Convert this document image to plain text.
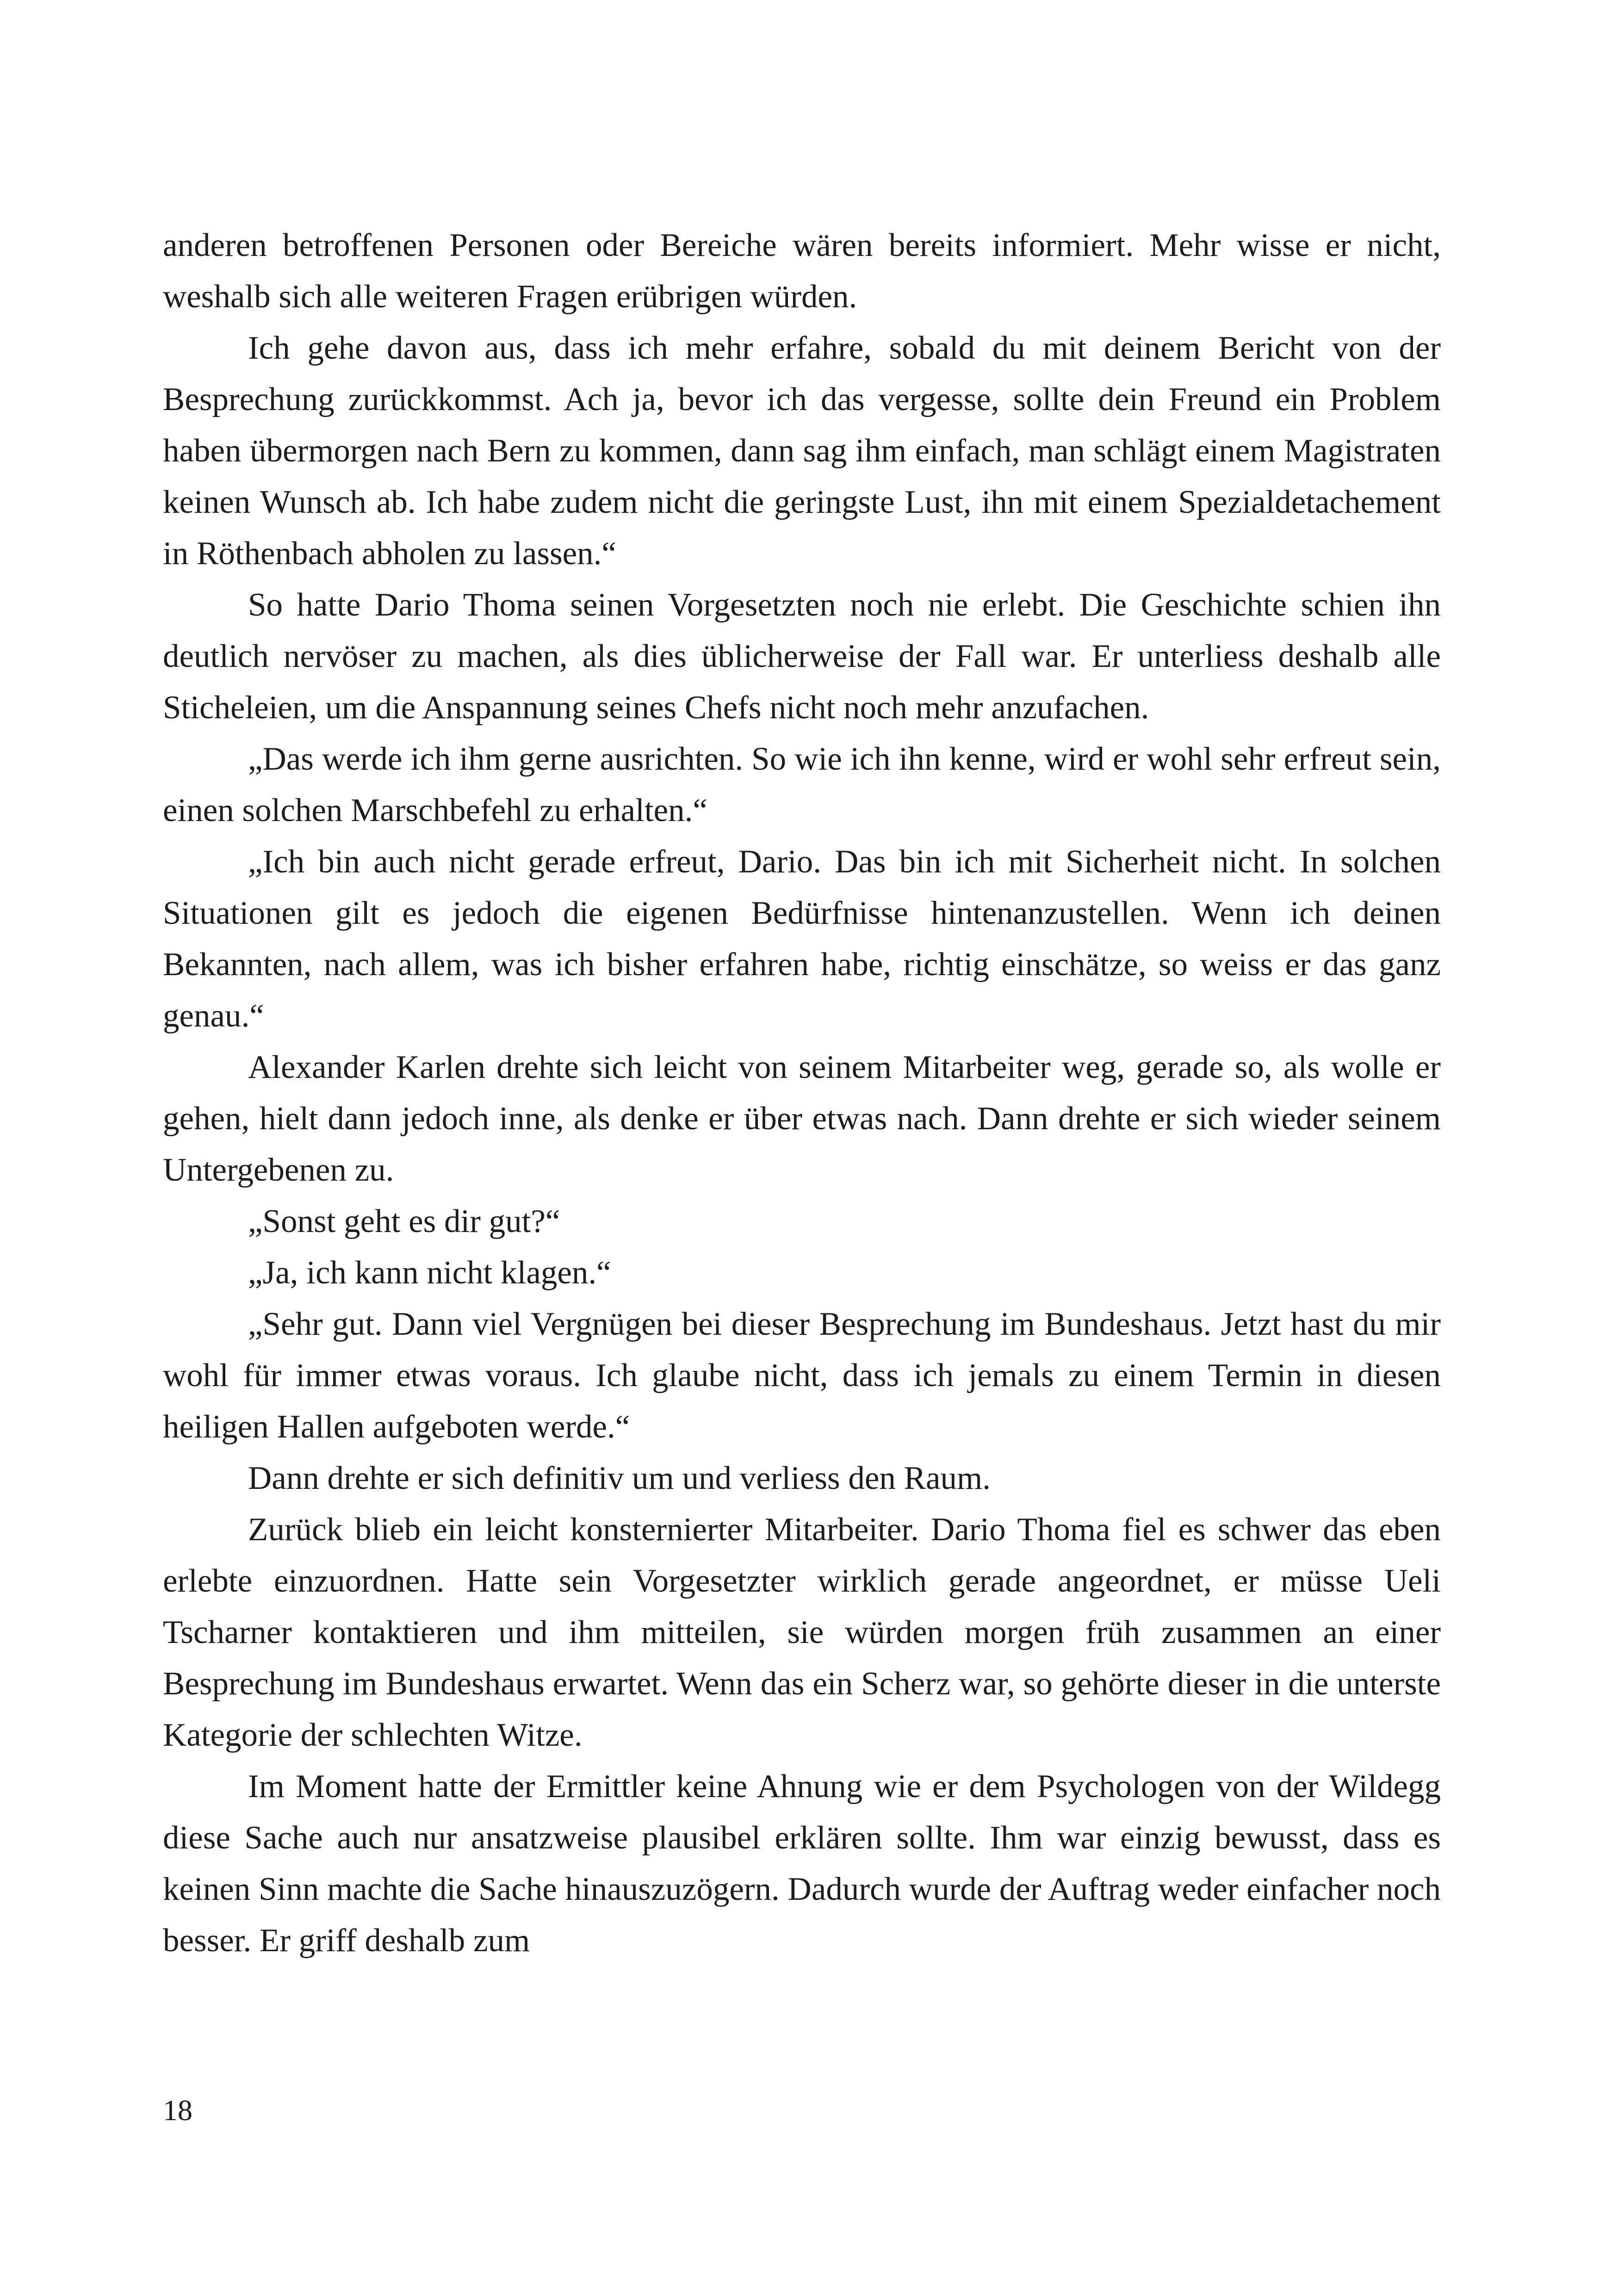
anderen betroffenen Personen oder Bereiche wären bereits informiert. Mehr wisse er nicht, weshalb sich alle weiteren Fragen erübrigen würden.

Ich gehe davon aus, dass ich mehr erfahre, sobald du mit deinem Bericht von der Besprechung zurückkommst. Ach ja, bevor ich das vergesse, sollte dein Freund ein Problem haben übermorgen nach Bern zu kommen, dann sag ihm einfach, man schlägt einem Magistraten keinen Wunsch ab. Ich habe zudem nicht die geringste Lust, ihn mit einem Spezialdetachement in Röthenbach abholen zu lassen.“

So hatte Dario Thoma seinen Vorgesetzten noch nie erlebt. Die Geschichte schien ihn deutlich nervöser zu machen, als dies üblicherweise der Fall war. Er unterliess deshalb alle Sticheleien, um die Anspannung seines Chefs nicht noch mehr anzufachen.

„Das werde ich ihm gerne ausrichten. So wie ich ihn kenne, wird er wohl sehr erfreut sein, einen solchen Marschbefehl zu erhalten.“

„Ich bin auch nicht gerade erfreut, Dario. Das bin ich mit Sicherheit nicht. In solchen Situationen gilt es jedoch die eigenen Bedürfnisse hintenanzustellen. Wenn ich deinen Bekannten, nach allem, was ich bisher erfahren habe, richtig einschätze, so weiss er das ganz genau.“

Alexander Karlen drehte sich leicht von seinem Mitarbeiter weg, gerade so, als wolle er gehen, hielt dann jedoch inne, als denke er über etwas nach. Dann drehte er sich wieder seinem Untergebenen zu.

„Sonst geht es dir gut?“

„Ja, ich kann nicht klagen.“

„Sehr gut. Dann viel Vergnügen bei dieser Besprechung im Bundeshaus. Jetzt hast du mir wohl für immer etwas voraus. Ich glaube nicht, dass ich jemals zu einem Termin in diesen heiligen Hallen aufgeboten werde.“

Dann drehte er sich definitiv um und verliess den Raum.

Zurück blieb ein leicht konsternierter Mitarbeiter. Dario Thoma fiel es schwer das eben erlebte einzuordnen. Hatte sein Vorgesetzter wirklich gerade angeordnet, er müsse Ueli Tscharner kontaktieren und ihm mitteilen, sie würden morgen früh zusammen an einer Besprechung im Bundeshaus erwartet. Wenn das ein Scherz war, so gehörte dieser in die unterste Kategorie der schlechten Witze.

Im Moment hatte der Ermittler keine Ahnung wie er dem Psychologen von der Wildegg diese Sache auch nur ansatzweise plausibel erklären sollte. Ihm war einzig bewusst, dass es keinen Sinn machte die Sache hinauszuzögern. Dadurch wurde der Auftrag weder einfacher noch besser. Er griff deshalb zum

18
